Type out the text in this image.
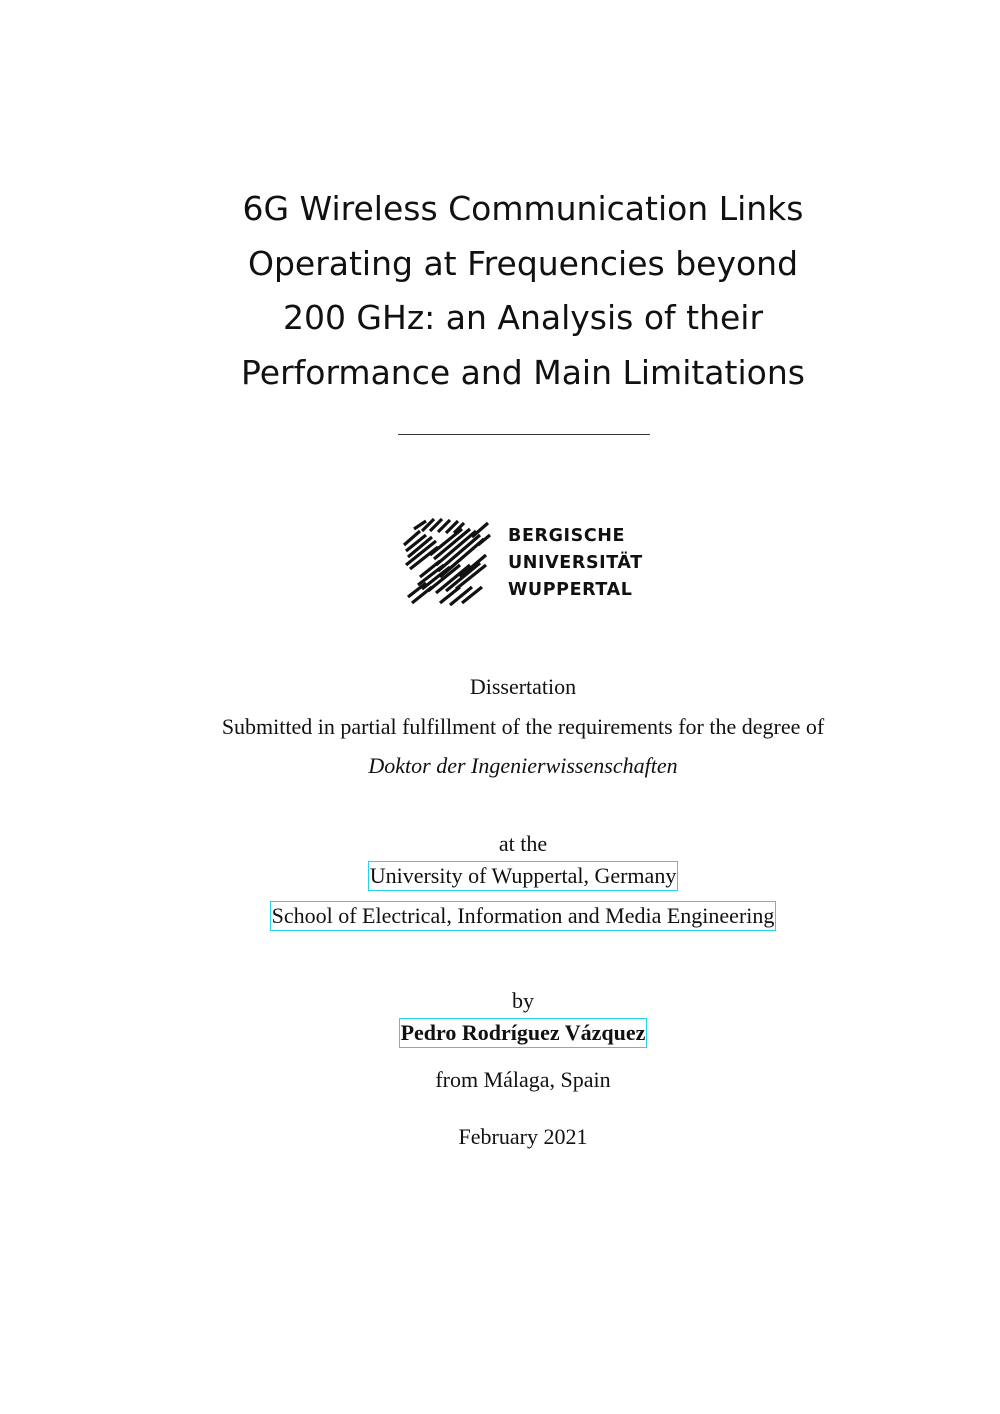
6G Wireless Communication Links
Operating at Frequencies beyond
200 GHz: an Analysis of their
Performance and Main Limitations
BERGISCHE
UNIVERSITÄT
WUPPERTAL
Dissertation
Submitted in partial fulfillment of the requirements for the degree of
Doktor der Ingenierwissenschaften
at the
University of Wuppertal, Germany
School of Electrical, Information and Media Engineering
by
Pedro Rodríguez Vázquez
from Málaga, Spain
February 2021
